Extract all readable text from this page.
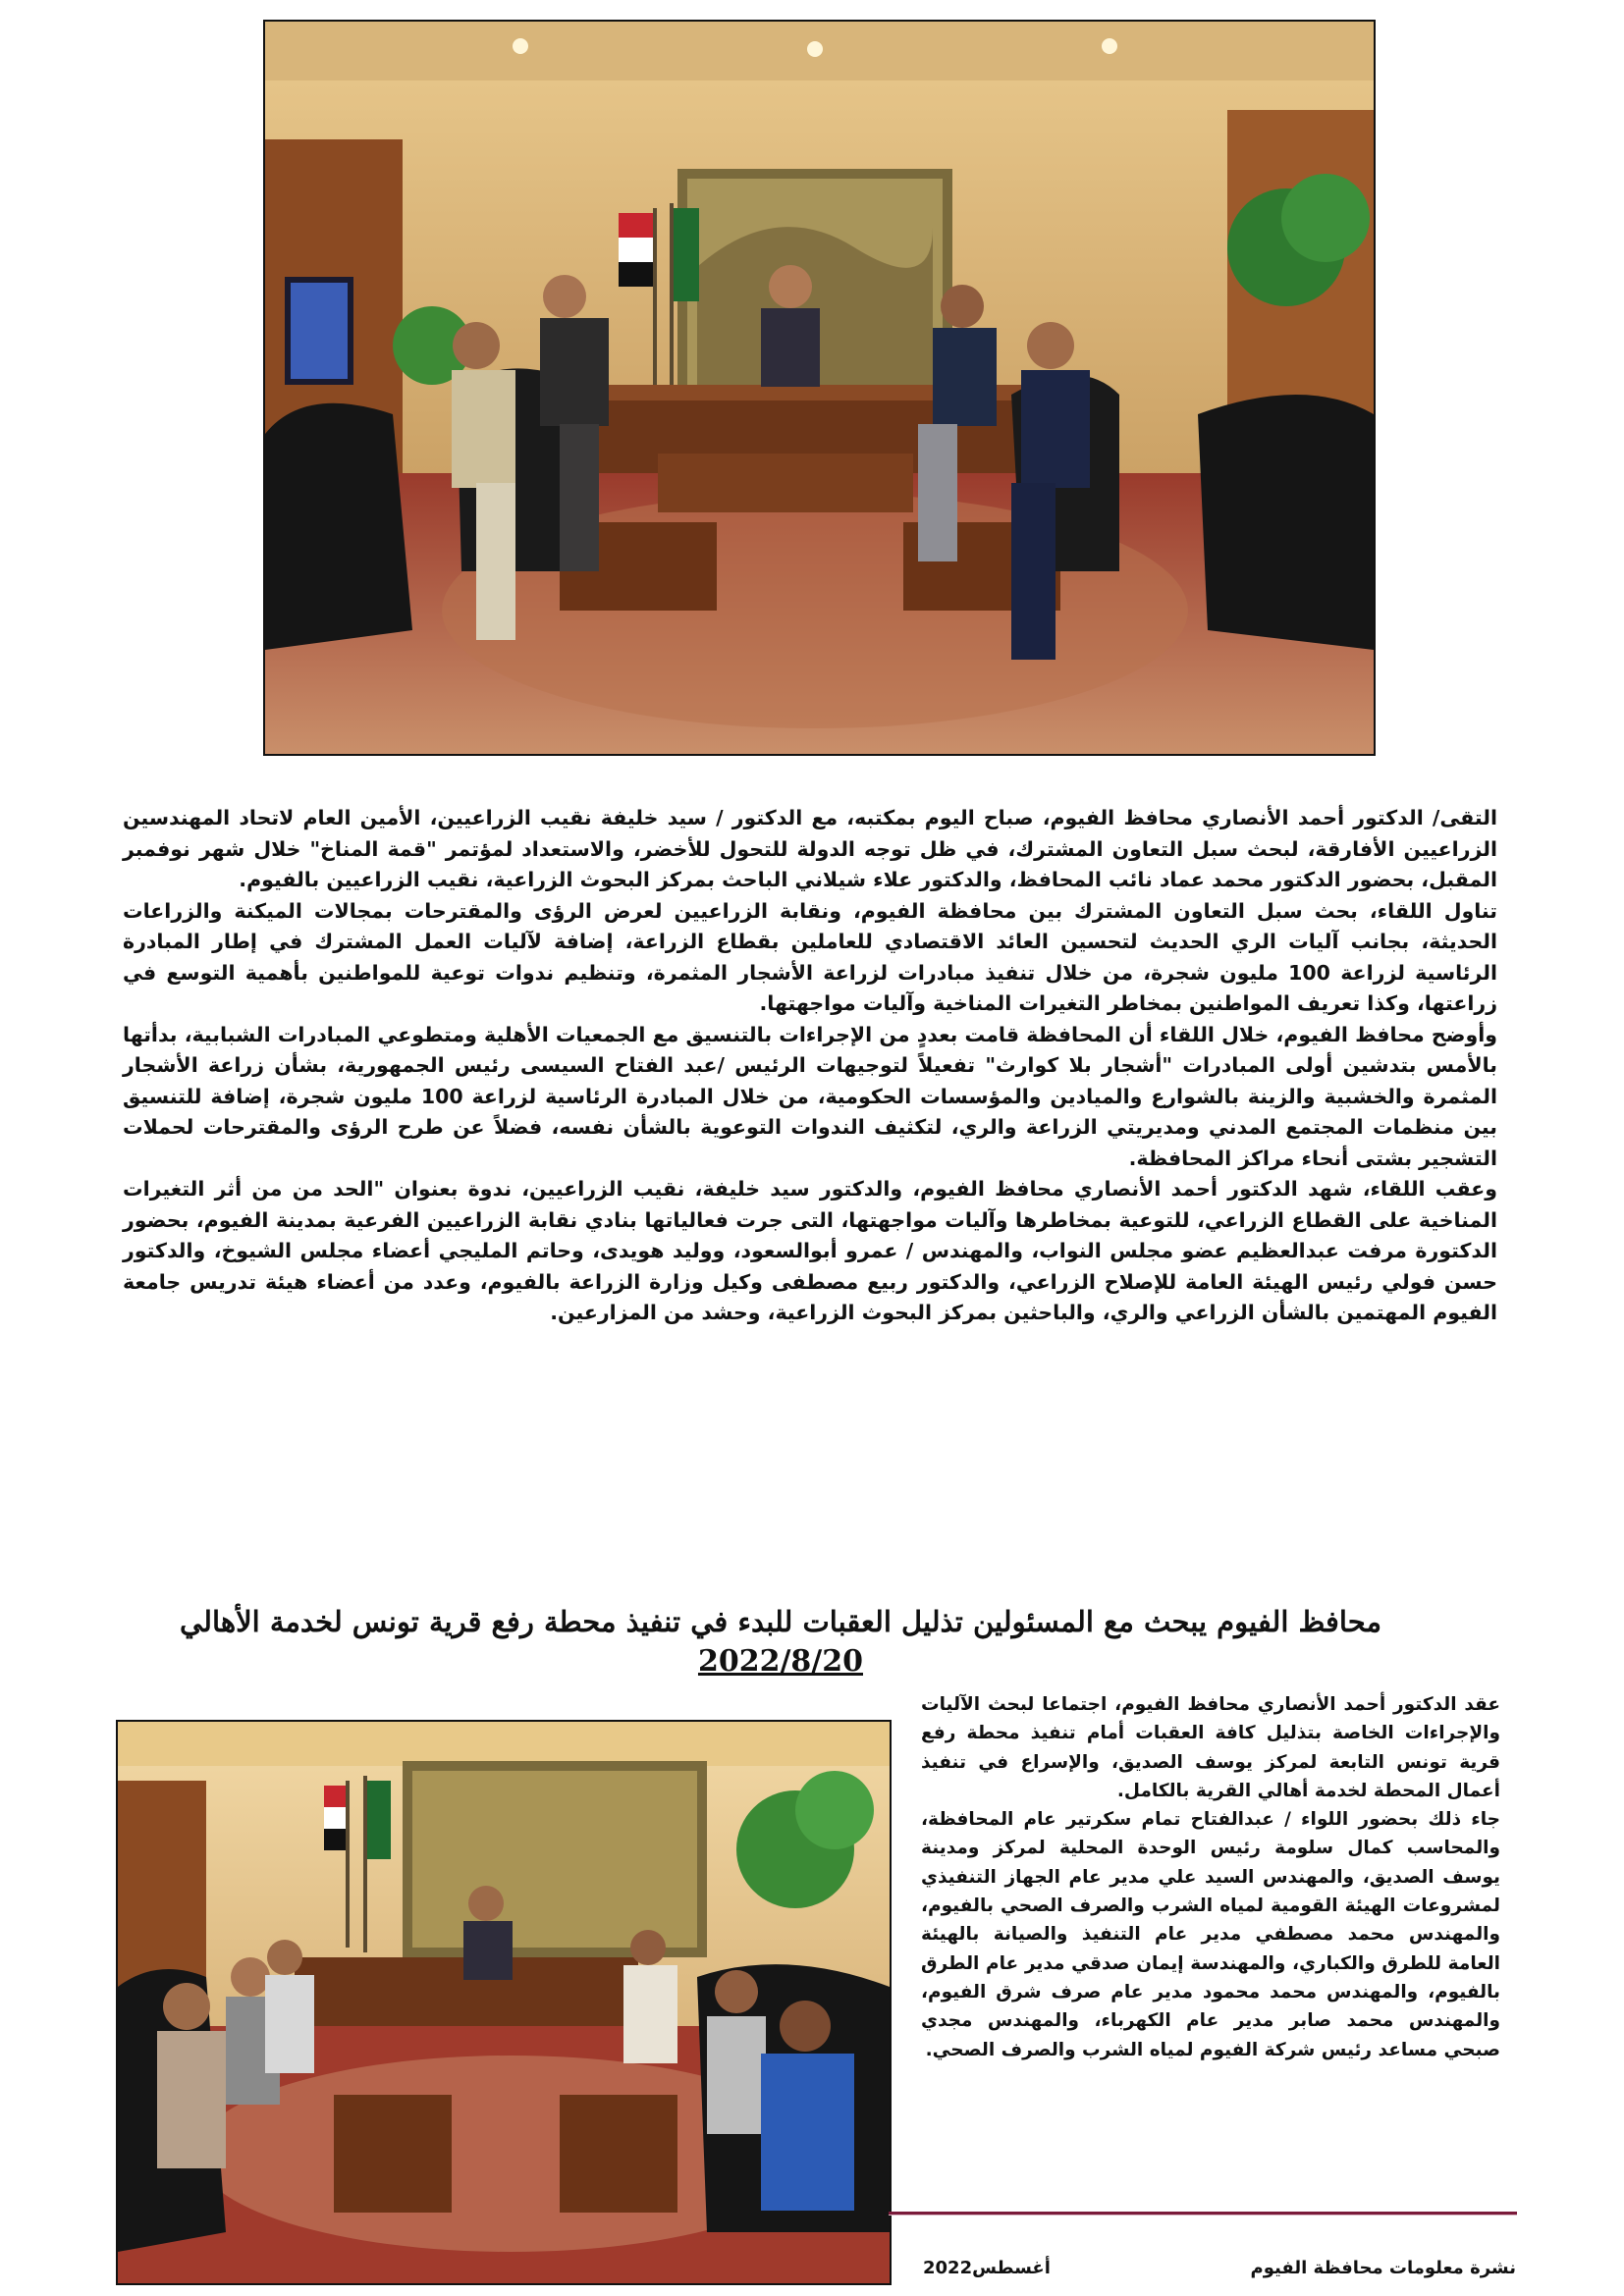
التقى/ الدكتور أحمد الأنصاري محافظ الفيوم، صباح اليوم بمكتبه، مع الدكتور / سيد خليفة نقيب الزراعيين، الأمين العام لاتحاد المهندسين الزراعيين الأفارقة، لبحث سبل التعاون المشترك، في ظل توجه الدولة للتحول للأخضر، والاستعداد لمؤتمر "قمة المناخ" خلال شهر نوفمبر المقبل، بحضور الدكتور محمد عماد نائب المحافظ، والدكتور علاء شيلاني الباحث بمركز البحوث الزراعية، نقيب الزراعيين بالفيوم.

تناول اللقاء، بحث سبل التعاون المشترك بين محافظة الفيوم، ونقابة الزراعيين لعرض الرؤى والمقترحات بمجالات الميكنة والزراعات الحديثة، بجانب آليات الري الحديث لتحسين العائد الاقتصادي للعاملين بقطاع الزراعة، إضافة لآليات العمل المشترك في إطار المبادرة الرئاسية لزراعة 100 مليون شجرة، من خلال تنفيذ مبادرات لزراعة الأشجار المثمرة، وتنظيم ندوات توعية للمواطنين بأهمية التوسع في زراعتها، وكذا تعريف المواطنين بمخاطر التغيرات المناخية وآليات مواجهتها.

وأوضح محافظ الفيوم، خلال اللقاء أن المحافظة قامت بعددٍ من الإجراءات بالتنسيق مع الجمعيات الأهلية ومتطوعي المبادرات الشبابية، بدأتها بالأمس بتدشين أولى المبادرات "أشجار بلا كوارث" تفعيلاً لتوجيهات الرئيس /عبد الفتاح السيسى رئيس الجمهورية، بشأن زراعة الأشجار المثمرة والخشبية والزينة بالشوارع والميادين والمؤسسات الحكومية، من خلال المبادرة الرئاسية لزراعة 100 مليون شجرة، إضافة للتنسيق بين منظمات المجتمع المدني ومديريتي الزراعة والري، لتكثيف الندوات التوعوية بالشأن نفسه، فضلاً عن طرح الرؤى والمقترحات لحملات التشجير بشتى أنحاء مراكز المحافظة.

وعقب اللقاء، شهد الدكتور أحمد الأنصاري محافظ الفيوم، والدكتور سيد خليفة، نقيب الزراعيين، ندوة بعنوان "الحد من من أثر التغيرات المناخية على القطاع الزراعي، للتوعية بمخاطرها وآليات مواجهتها، التى جرت فعالياتها بنادي نقابة الزراعيين الفرعية بمدينة الفيوم، بحضور الدكتورة مرفت عبدالعظيم عضو مجلس النواب، والمهندس / عمرو أبوالسعود، ووليد هويدى، وحاتم المليجي أعضاء مجلس الشيوخ، والدكتور حسن فولي رئيس الهيئة العامة للإصلاح الزراعي، والدكتور ربيع مصطفى وكيل وزارة الزراعة بالفيوم، وعدد من أعضاء هيئة تدريس جامعة الفيوم المهتمين بالشأن الزراعي والري، والباحثين بمركز البحوث الزراعية، وحشد من المزارعين.

محافظ الفيوم يبحث مع المسئولين تذليل العقبات للبدء في تنفيذ محطة رفع قرية تونس لخدمة الأهالي
2022/8/20

عقد الدكتور أحمد الأنصاري محافظ الفيوم، اجتماعا لبحث الآليات والإجراءات الخاصة بتذليل كافة العقبات أمام تنفيذ محطة رفع قرية تونس التابعة لمركز يوسف الصديق، والإسراع في تنفيذ أعمال المحطة لخدمة أهالي القرية بالكامل.

جاء ذلك بحضور اللواء / عبدالفتاح تمام سكرتير عام المحافظة، والمحاسب كمال سلومة رئيس الوحدة المحلية لمركز ومدينة يوسف الصديق، والمهندس السيد علي مدير عام الجهاز التنفيذي لمشروعات الهيئة القومية لمياه الشرب والصرف الصحي بالفيوم، والمهندس محمد مصطفي مدير عام التنفيذ والصيانة بالهيئة العامة للطرق والكباري، والمهندسة إيمان صدقي مدير عام الطرق بالفيوم، والمهندس محمد محمود مدير عام صرف شرق الفيوم، والمهندس محمد صابر مدير عام الكهرباء، والمهندس مجدي صبحي مساعد رئيس شركة الفيوم لمياه الشرب والصرف الصحي.

نشرة معلومات محافظة الفيوم
أغسطس2022
